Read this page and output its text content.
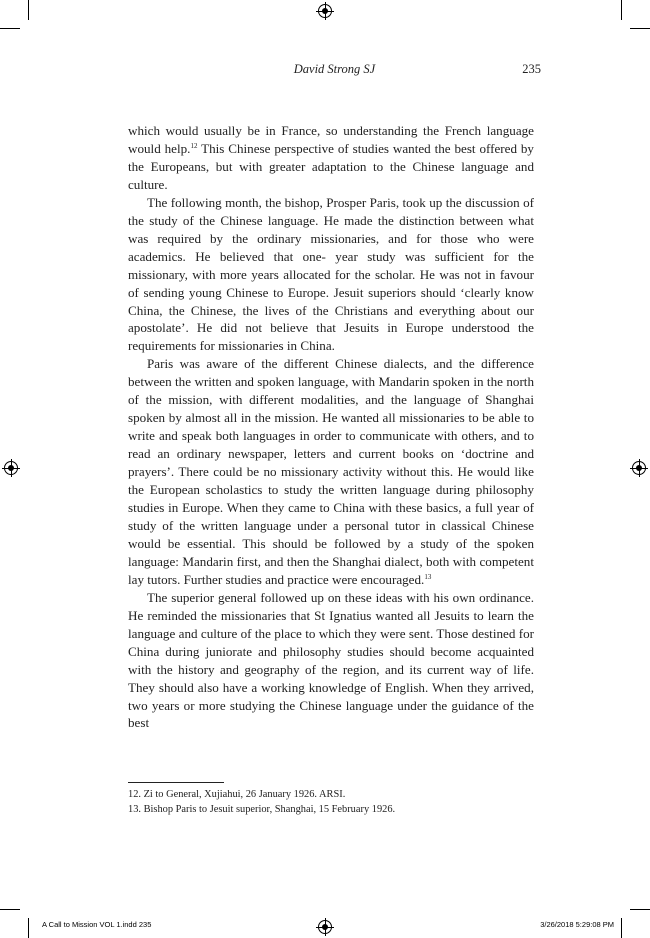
David Strong SJ	235

which would usually be in France, so understanding the French language would help.$^{12}$ This Chinese perspective of studies wanted the best offered by the Europeans, but with greater adaptation to the Chinese language and culture.

The following month, the bishop, Prosper Paris, took up the discussion of the study of the Chinese language. He made the distinction between what was required by the ordinary missionaries, and for those who were academics. He believed that one- year study was sufficient for the missionary, with more years allocated for the scholar. He was not in favour of sending young Chinese to Europe. Jesuit superiors should ‘clearly know China, the Chinese, the lives of the Christians and everything about our apostolate’. He did not believe that Jesuits in Europe understood the requirements for missionaries in China.

Paris was aware of the different Chinese dialects, and the difference between the written and spoken language, with Mandarin spoken in the north of the mission, with different modalities, and the language of Shanghai spoken by almost all in the mission. He wanted all missionaries to be able to write and speak both languages in order to communicate with others, and to read an ordinary newspaper, letters and current books on ‘doctrine and prayers’. There could be no missionary activity without this. He would like the European scholastics to study the written language during philosophy studies in Europe. When they came to China with these basics, a full year of study of the written language under a personal tutor in classical Chinese would be essential. This should be followed by a study of the spoken language: Mandarin first, and then the Shanghai dialect, both with competent lay tutors. Further studies and practice were encouraged.$^{13}$

The superior general followed up on these ideas with his own ordinance. He reminded the missionaries that St Ignatius wanted all Jesuits to learn the language and culture of the place to which they were sent. Those destined for China during juniorate and philosophy studies should become acquainted with the history and geography of the region, and its current way of life. They should also have a working knowledge of English. When they arrived, two years or more studying the Chinese language under the guidance of the best

12. Zi to General, Xujiahui, 26 January 1926. ARSI.
13. Bishop Paris to Jesuit superior, Shanghai, 15 February 1926.
A Call to Mission VOL 1.indd 235	3/26/2018 5:29:08 PM
